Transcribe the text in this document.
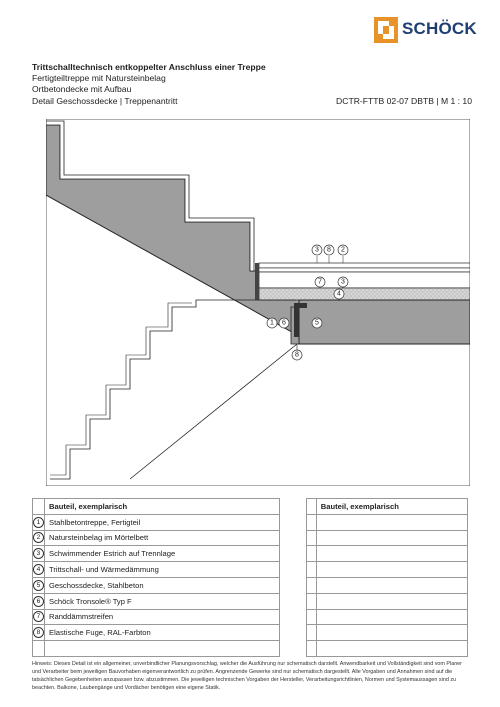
SCHÖCK
Trittschalltechnisch entkoppelter Anschluss einer Treppe
Fertigteiltreppe mit Natursteinbelag
Ortbetondecke mit Aufbau
Detail Geschossdecke | Treppenantritt	DCTR-FTTB 02-07 DBTB | M 1 : 10
1 6	5
3 8 2
7	3
4
8
	Bauteil, exemplarisch			Bauteil, exemplarisch
1	Stahlbetontreppe, Fertigteil			
2	Natursteinbelag im Mörtelbett			
3	Schwimmender Estrich auf Trennlage			
4	Trittschall- und Wärmedämmung			
5	Geschossdecke, Stahlbeton			
6	Schöck Tronsole® Typ F			
7	Randdämmstreifen			
8	Elastische Fuge, RAL-Farbton			

Hinweis: Dieses Detail ist ein allgemeiner, unverbindlicher Planungsvorschlag, welcher die Ausführung nur schematisch darstellt. Anwendbarkeit und Vollständigkeit sind vom Planer und Verarbeiter beim jeweiligen Bauvorhaben eigenverantwortlich zu prüfen. Angrenzende Gewerke sind nur schematisch dargestellt. Alle Vorgaben und Annahmen sind auf die tatsächlichen Gegebenheiten anzupassen bzw. abzustimmen. Die jeweiligen technischen Vorgaben der Hersteller, Verarbeitungsrichtlinien, Normen und Systemaussagen sind zu beachten. Balkone, Laubengänge und Vordächer benötigen eine eigene Statik.
